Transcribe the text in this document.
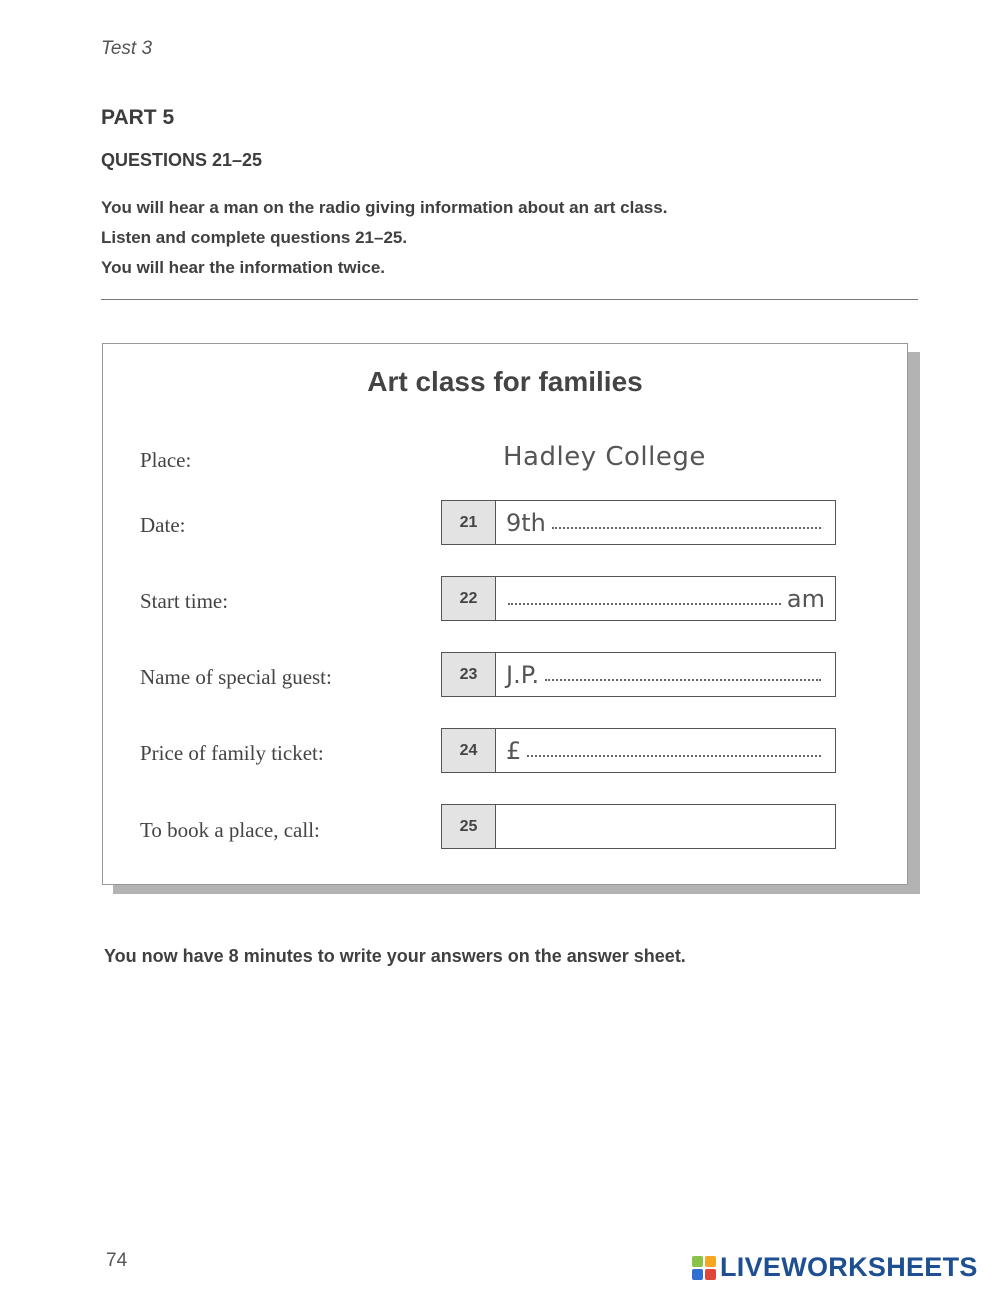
Test 3
PART 5
QUESTIONS 21–25
You will hear a man on the radio giving information about an art class.
Listen and complete questions 21–25.
You will hear the information twice.
Art class for families
Place:	Hadley College
Date:	21	9th
Start time:	22	am
Name of special guest:	23	J.P.
Price of family ticket:	24	£
To book a place, call:	25
You now have 8 minutes to write your answers on the answer sheet.
74	LIVEWORKSHEETS
